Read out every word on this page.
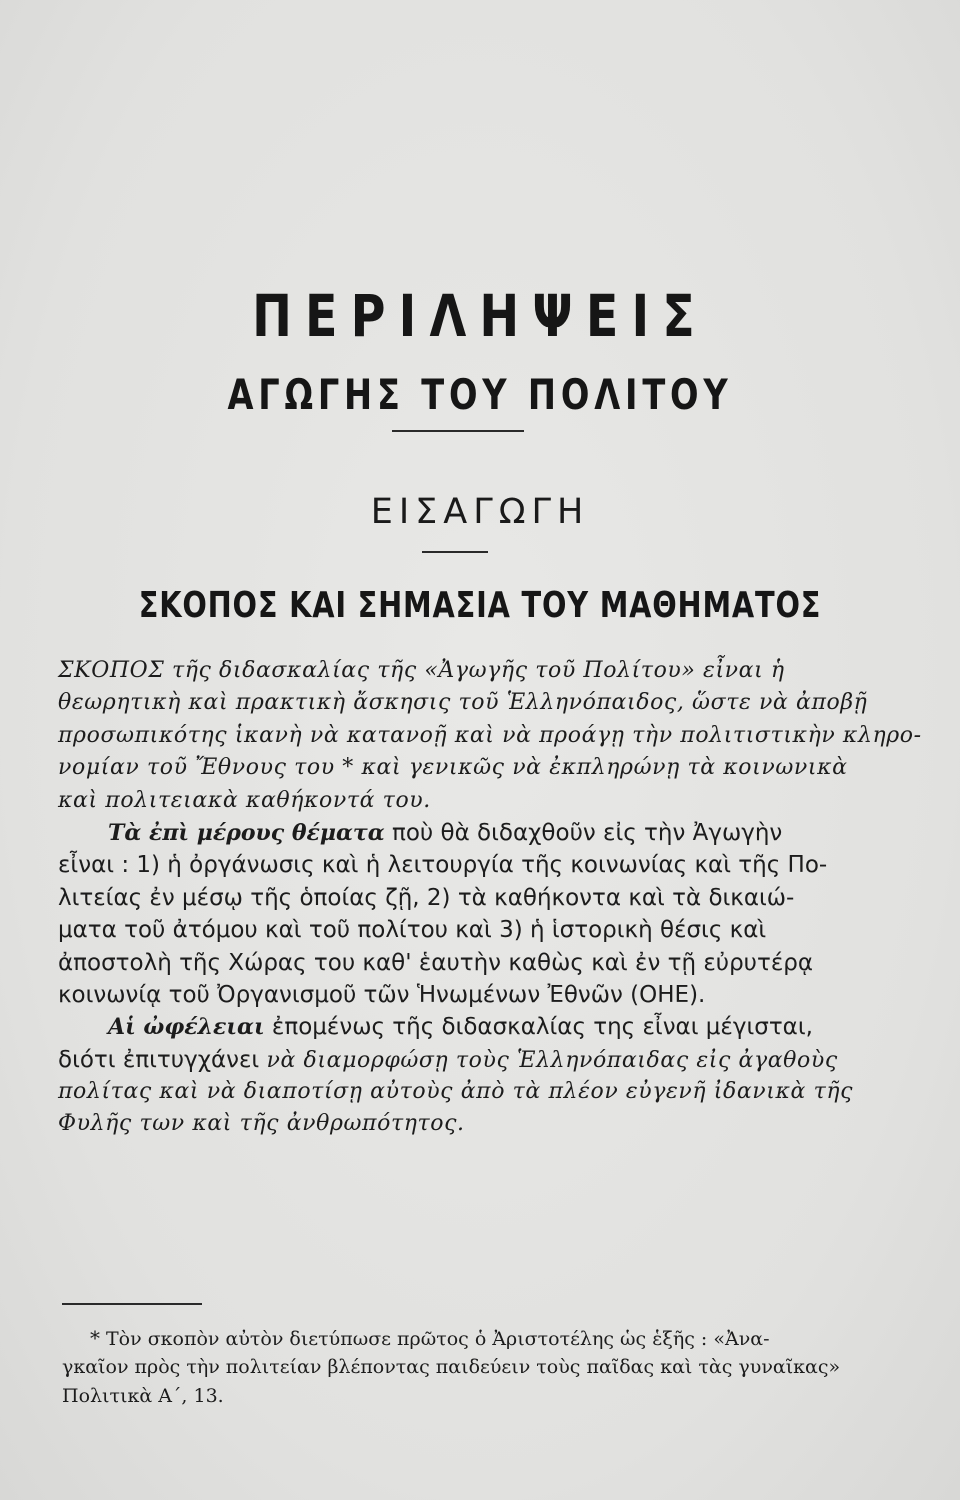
ΠΕΡΙΛΗΨΕΙΣ
ΑΓΩΓΗΣ ΤΟΥ ΠΟΛΙΤΟΥ
ΕΙΣΑΓΩΓΗ
ΣΚΟΠΟΣ ΚΑΙ ΣΗΜΑΣΙΑ ΤΟΥ ΜΑΘΗΜΑΤΟΣ
ΣΚΟΠΟΣ τῆς διδασκαλίας τῆς «Ἀγωγῆς τοῦ Πολίτου» εἶναι ἡ
θεωρητικὴ καὶ πρακτικὴ ἄσκησις τοῦ Ἑλληνόπαιδος, ὥστε νὰ ἀποβῇ
προσωπικότης ἱκανὴ νὰ κατανοῇ καὶ νὰ προάγῃ τὴν πολιτιστικὴν κληρο-
νομίαν τοῦ Ἔθνους του * καὶ γενικῶς νὰ ἐκπληρώνῃ τὰ κοινωνικὰ
καὶ πολιτειακὰ καθήκοντά του.
Τὰ ἐπὶ μέρους θέματα ποὺ θὰ διδαχθοῦν εἰς τὴν Ἀγωγὴν
εἶναι : 1) ἡ ὀργάνωσις καὶ ἡ λειτουργία τῆς κοινωνίας καὶ τῆς Πο-
λιτείας ἐν μέσῳ τῆς ὁποίας ζῇ, 2) τὰ καθήκοντα καὶ τὰ δικαιώ-
ματα τοῦ ἀτόμου καὶ τοῦ πολίτου καὶ 3) ἡ ἱστορικὴ θέσις καὶ
ἀποστολὴ τῆς Χώρας του καθ' ἑαυτὴν καθὼς καὶ ἐν τῇ εὐρυτέρᾳ
κοινωνίᾳ τοῦ Ὀργανισμοῦ τῶν Ἡνωμένων Ἐθνῶν (ΟΗΕ).
Αἱ ὠφέλειαι ἐπομένως τῆς διδασκαλίας της εἶναι μέγισται,
διότι ἐπιτυγχάνει νὰ διαμορφώσῃ τοὺς Ἑλληνόπαιδας εἰς ἀγαθοὺς
πολίτας καὶ νὰ διαποτίσῃ αὐτοὺς ἀπὸ τὰ πλέον εὐγενῆ ἰδανικὰ τῆς
Φυλῆς των καὶ τῆς ἀνθρωπότητος.
* Τὸν σκοπὸν αὐτὸν διετύπωσε πρῶτος ὁ Ἀριστοτέλης ὡς ἑξῆς : «Ἀνα-
γκαῖον πρὸς τὴν πολιτείαν βλέποντας παιδεύειν τοὺς παῖδας καὶ τὰς γυναῖκας»
Πολιτικὰ Α΄, 13.
